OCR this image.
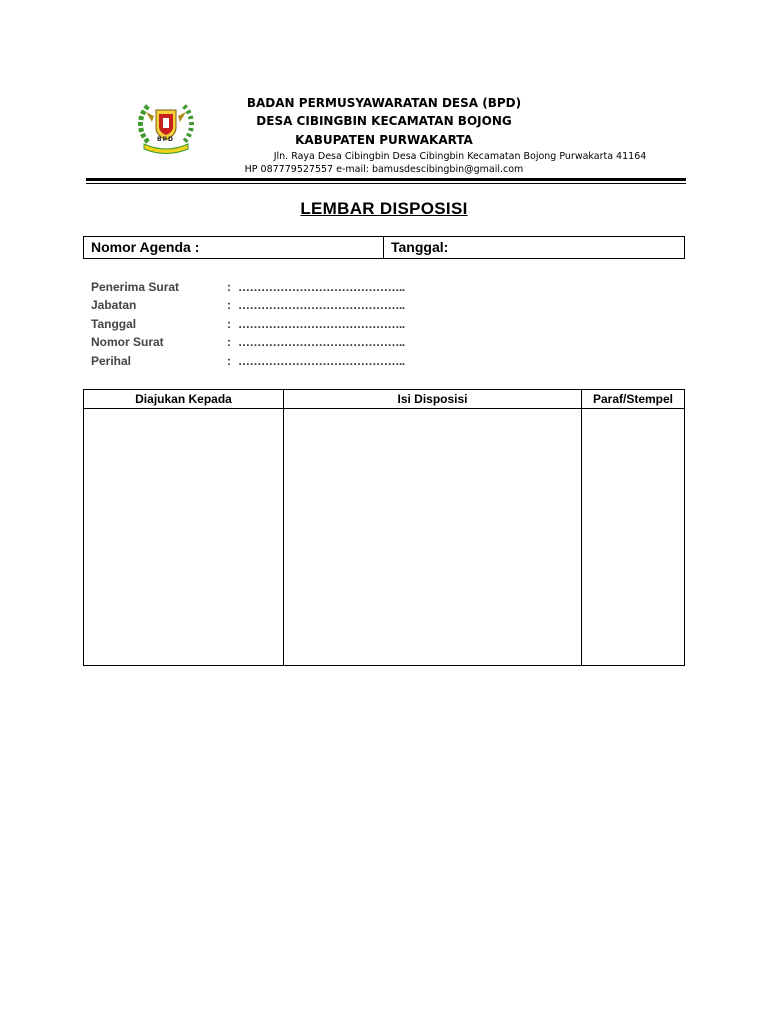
BPD
BADAN PERMUSYAWARATAN DESA (BPD)
DESA CIBINGBIN KECAMATAN BOJONG
KABUPATEN PURWAKARTA
Jln. Raya Desa Cibingbin Desa Cibingbin Kecamatan Bojong Purwakarta 41164
HP 087779527557 e-mail: bamusdescibingbin@gmail.com
LEMBAR DISPOSISI
Nomor Agenda :	Tanggal:
Penerima Surat	: ……………………………………..
Jabatan	: ……………………………………..
Tanggal	: ……………………………………..
Nomor Surat	: ……………………………………..
Perihal	: ……………………………………..
Diajukan Kepada	Isi Disposisi	Paraf/Stempel
